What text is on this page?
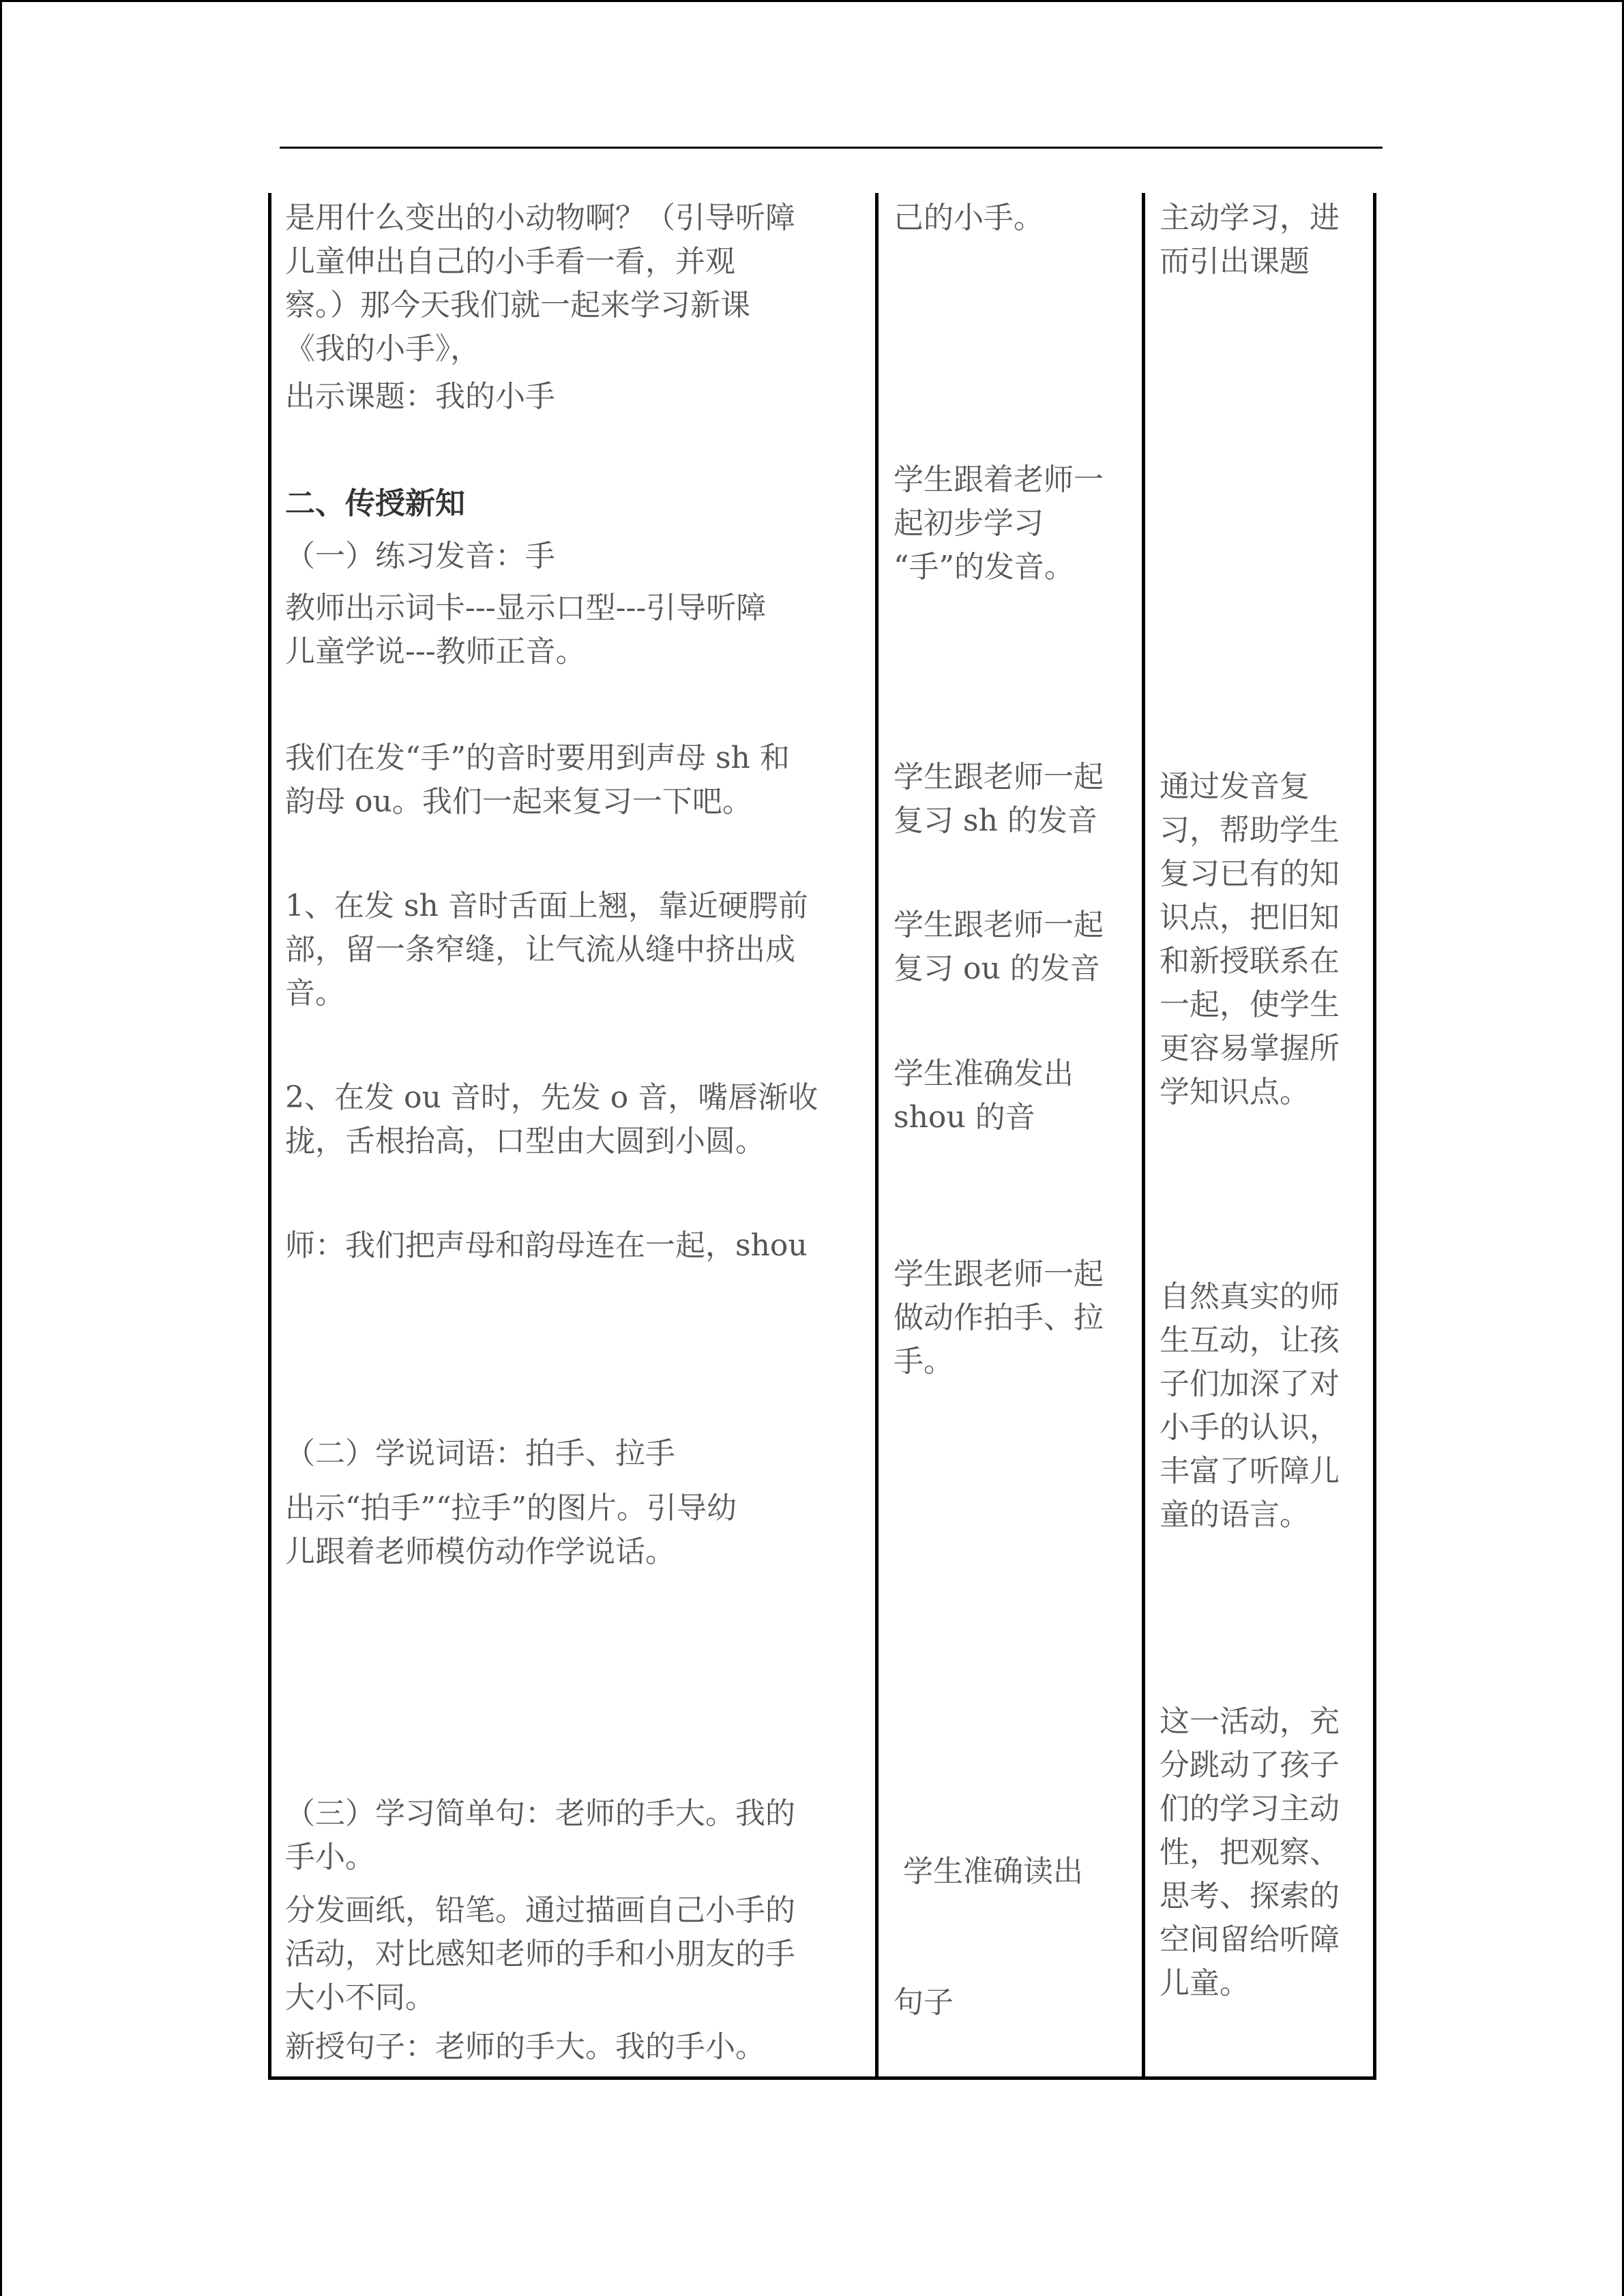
是用什么变出的小动物啊？（引导听障

儿童伸出自己的小手看一看，并观

察。）那今天我们就一起来学习新课

《我的小手》，

出示课题：我的小手

二、传授新知

（一）练习发音：手

教师出示词卡---显示口型---引导听障

儿童学说---教师正音。

我们在发“手”的音时要用到声母 sh 和

韵母 ou。我们一起来复习一下吧。

1、在发 sh 音时舌面上翘，靠近硬腭前

部，留一条窄缝，让气流从缝中挤出成

音。

2、在发 ou 音时，先发 o 音，嘴唇渐收

拢，舌根抬高，口型由大圆到小圆。

师：我们把声母和韵母连在一起，shou

（二）学说词语：拍手、拉手

出示“拍手”“拉手”的图片。引导幼

儿跟着老师模仿动作学说话。

（三）学习简单句：老师的手大。我的

手小。

分发画纸，铅笔。通过描画自己小手的

活动，对比感知老师的手和小朋友的手

大小不同。

新授句子：老师的手大。我的手小。

己的小手。

学生跟着老师一

起初步学习

“手”的发音。

学生跟老师一起

复习 sh 的发音

学生跟老师一起

复习 ou 的发音

学生准确发出

shou 的音

学生跟老师一起

做动作拍手、拉

手。

学生准确读出

句子

主动学习，进

而引出课题

通过发音复

习，帮助学生

复习已有的知

识点，把旧知

和新授联系在

一起，使学生

更容易掌握所

学知识点。

自然真实的师

生互动，让孩

子们加深了对

小手的认识，

丰富了听障儿

童的语言。

这一活动，充

分跳动了孩子

们的学习主动

性，把观察、

思考、探索的

空间留给听障

儿童。
